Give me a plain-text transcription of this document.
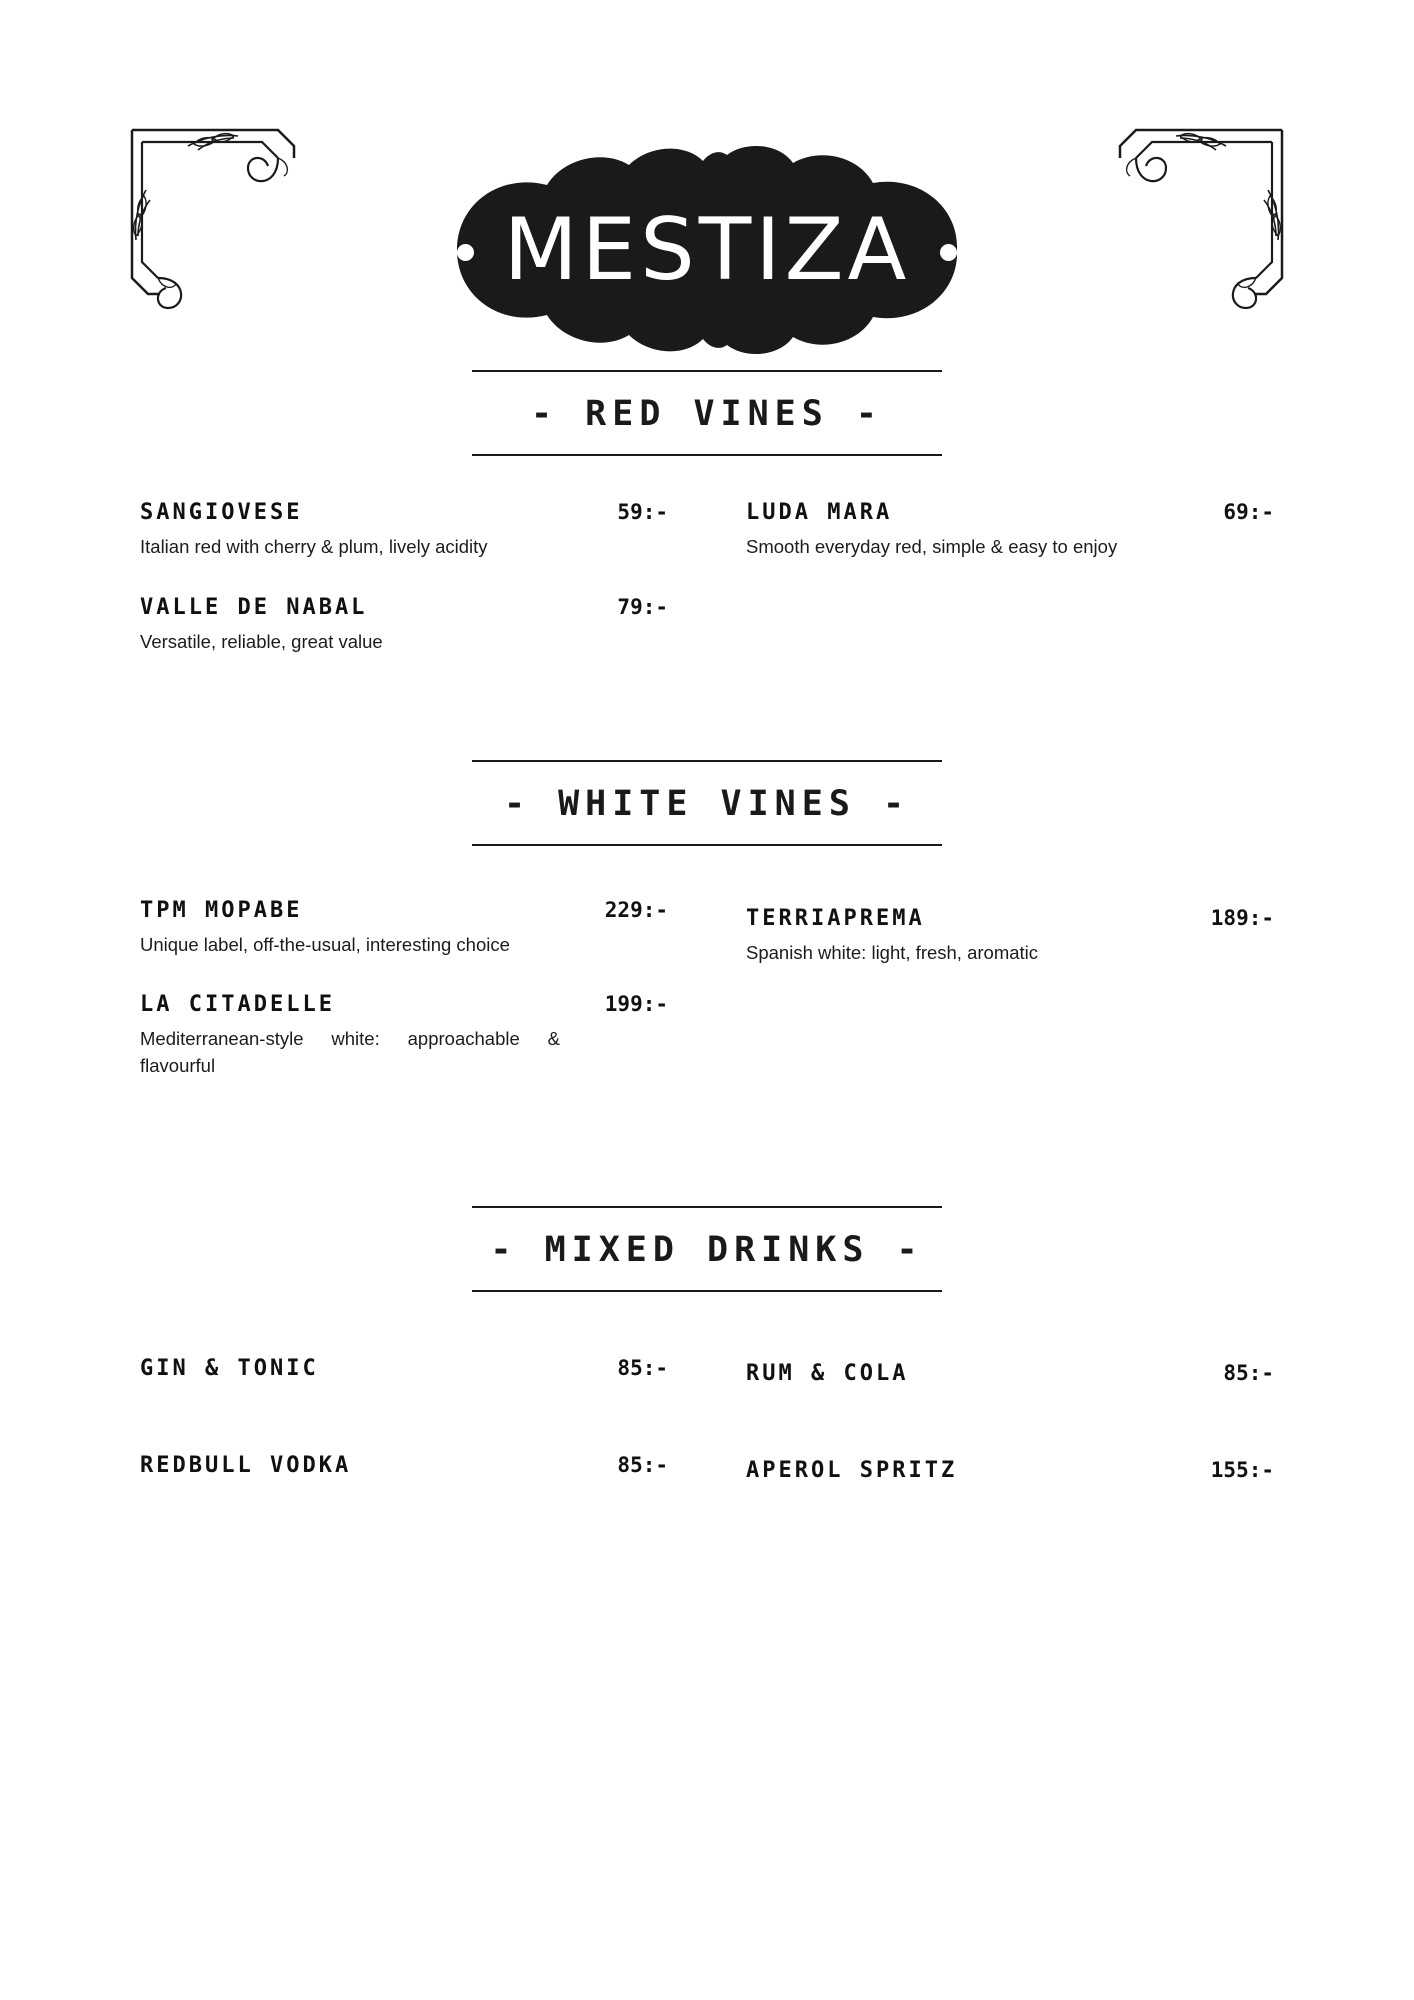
MESTIZA
- RED VINES -
SANGIOVESE	59:-
Italian red with cherry & plum, lively acidity
VALLE DE NABAL	79:-
Versatile, reliable, great value
LUDA MARA	69:-
Smooth everyday red, simple & easy to enjoy
- WHITE VINES -
TPM MOPABE	229:-
Unique label, off-the-usual, interesting choice
LA CITADELLE	199:-
Mediterranean-style white: approachable & flavourful
TERRIAPREMA	189:-
Spanish white: light, fresh, aromatic
- MIXED DRINKS -
GIN & TONIC	85:-
REDBULL VODKA	85:-
RUM & COLA	85:-
APEROL SPRITZ	155:-
